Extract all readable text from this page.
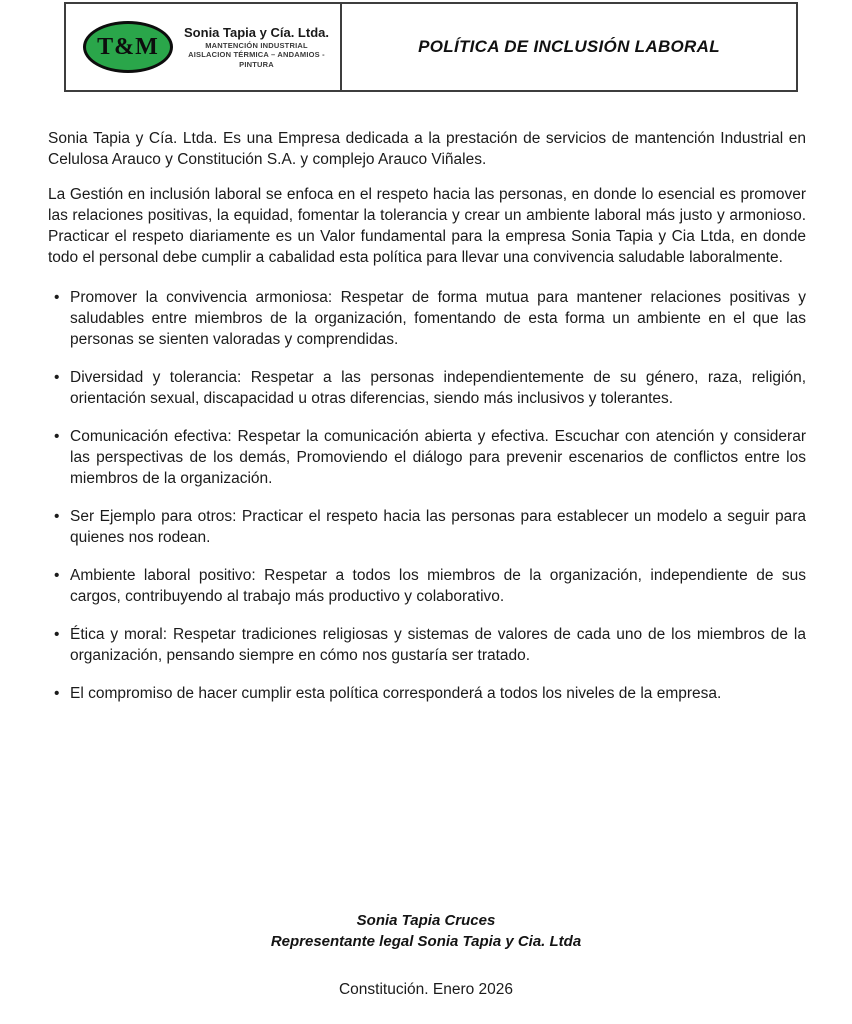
T&M
Sonia Tapia y Cía. Ltda.
MANTENCIÓN INDUSTRIAL
AISLACION TÉRMICA – ANDAMIOS - PINTURA
POLÍTICA DE INCLUSIÓN LABORAL

Sonia Tapia y Cía. Ltda. Es una Empresa dedicada a la prestación de servicios de mantención Industrial en Celulosa Arauco y Constitución S.A. y complejo Arauco Viñales.

La Gestión en inclusión laboral se enfoca en el respeto hacia las personas, en donde lo esencial es promover las relaciones positivas, la equidad, fomentar la tolerancia y crear un ambiente laboral más justo y armonioso. Practicar el respeto diariamente es un Valor fundamental para la empresa Sonia Tapia y Cia Ltda, en donde todo el personal debe cumplir a cabalidad esta política para llevar una convivencia saludable laboralmente.

• Promover la convivencia armoniosa: Respetar de forma mutua para mantener relaciones positivas y saludables entre miembros de la organización, fomentando de esta forma un ambiente en el que las personas se sienten valoradas y comprendidas.
• Diversidad y tolerancia: Respetar a las personas independientemente de su género, raza, religión, orientación sexual, discapacidad u otras diferencias, siendo más inclusivos y tolerantes.
• Comunicación efectiva: Respetar la comunicación abierta y efectiva. Escuchar con atención y considerar las perspectivas de los demás, Promoviendo el diálogo para prevenir escenarios de conflictos entre los miembros de la organización.
• Ser Ejemplo para otros: Practicar el respeto hacia las personas para establecer un modelo a seguir para quienes nos rodean.
• Ambiente laboral positivo: Respetar a todos los miembros de la organización, independiente de sus cargos, contribuyendo al trabajo más productivo y colaborativo.
• Ética y moral: Respetar tradiciones religiosas y sistemas de valores de cada uno de los miembros de la organización, pensando siempre en cómo nos gustaría ser tratado.
• El compromiso de hacer cumplir esta política corresponderá a todos los niveles de la empresa.
Sonia Tapia Cruces
Representante legal Sonia Tapia y Cia. Ltda
Constitución. Enero 2026
